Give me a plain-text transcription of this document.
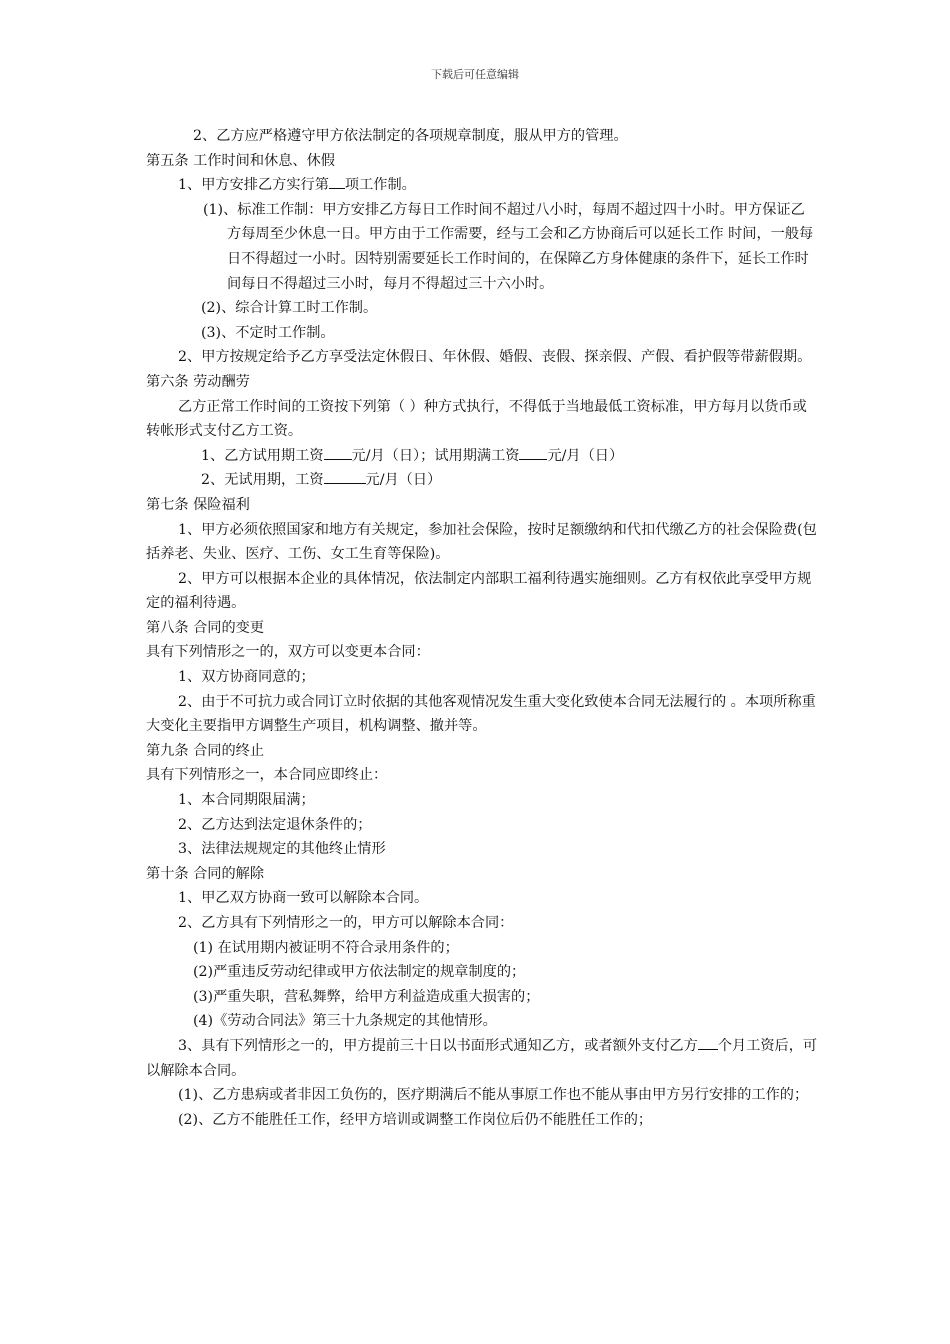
下载后可任意编辑

2、乙方应严格遵守甲方依法制定的各项规章制度，服从甲方的管理。

第五条 工作时间和休息、休假

1、甲方安排乙方实行第 项工作制。

(1)、标准工作制：甲方安排乙方每日工作时间不超过八小时，每周不超过四十小时。甲方保证乙方每周至少休息一日。甲方由于工作需要，经与工会和乙方协商后可以延长工作 时间，一般每日不得超过一小时。因特别需要延长工作时间的，在保障乙方身体健康的条件下，延长工作时间每日不得超过三小时，每月不得超过三十六小时。

(2)、综合计算工时工作制。

(3)、不定时工作制。

2、甲方按规定给予乙方享受法定休假日、年休假、婚假、丧假、探亲假、产假、看护假等带薪假期。

第六条 劳动酬劳

乙方正常工作时间的工资按下列第（ ）种方式执行，不得低于当地最低工资标准，甲方每月以货币或转帐形式支付乙方工资。

1、乙方试用期工资 元/月（日）；试用期满工资 元/月（日）

2、无试用期，工资	元/月（日）

第七条 保险福利

1、甲方必须依照国家和地方有关规定，参加社会保险，按时足额缴纳和代扣代缴乙方的社会保险费(包括养老、失业、医疗、工伤、女工生育等保险)。

2、甲方可以根据本企业的具体情况，依法制定内部职工福利待遇实施细则。乙方有权依此享受甲方规定的福利待遇。

第八条 合同的变更

具有下列情形之一的，双方可以变更本合同：

1、双方协商同意的；

2、由于不可抗力或合同订立时依据的其他客观情况发生重大变化致使本合同无法履行的 。本项所称重大变化主要指甲方调整生产项目，机构调整、撤并等。

第九条 合同的终止

具有下列情形之一，本合同应即终止：

1、本合同期限届满；

2、乙方达到法定退休条件的；

3、法律法规规定的其他终止情形

第十条 合同的解除

1、甲乙双方协商一致可以解除本合同。

2、乙方具有下列情形之一的，甲方可以解除本合同：

(1) 在试用期内被证明不符合录用条件的；

(2)严重违反劳动纪律或甲方依法制定的规章制度的；

(3)严重失职，营私舞弊，给甲方利益造成重大损害的；

(4)《劳动合同法》第三十九条规定的其他情形。

3、具有下列情形之一的，甲方提前三十日以书面形式通知乙方，或者额外支付乙方 个月工资后，可以解除本合同。

(1)、乙方患病或者非因工负伤的，医疗期满后不能从事原工作也不能从事由甲方另行安排的工作的；

(2)、乙方不能胜任工作，经甲方培训或调整工作岗位后仍不能胜任工作的；
